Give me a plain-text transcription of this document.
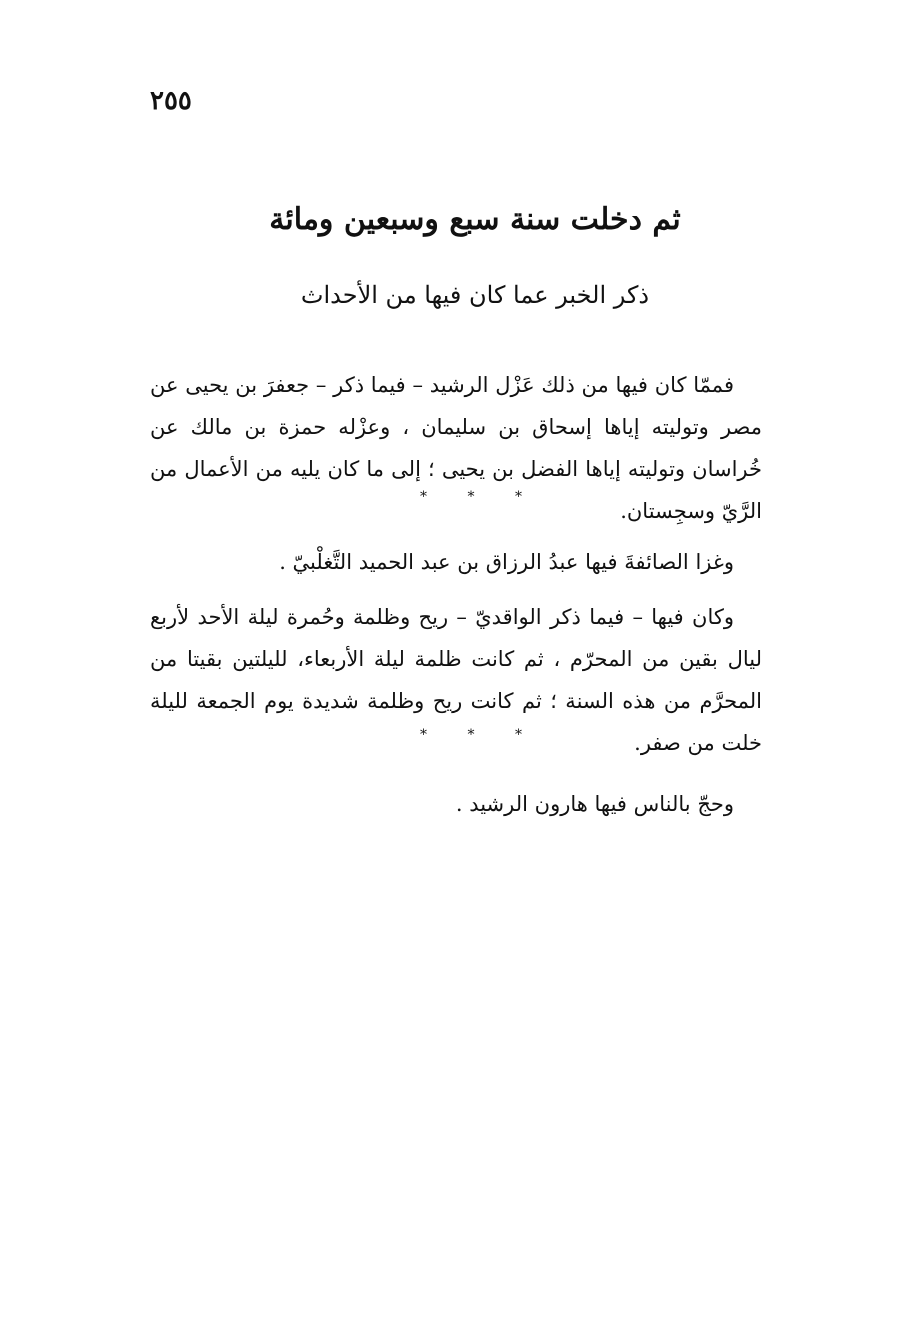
٢٥٥
ثم دخلت سنة سبع وسبعين ومائة
ذكر الخبر عما كان فيها من الأحداث

فممّا كان فيها من ذلك عَزْل الرشيد – فيما ذكر – جعفرَ بن يحيى عن مصر وتوليته إياها إسحاق بن سليمان ، وعزْله حمزة بن مالك عن خُراسان وتوليته إياها الفضل بن يحيى ؛ إلى ما كان يليه من الأعمال من الرَّيّ وسجِستان.

* * *

وغزا الصائفةَ فيها عبدُ الرزاق بن عبد الحميد التَّغلْبيّ .

وكان فيها – فيما ذكر الواقديّ – ريح وظلمة وحُمرة ليلة الأحد لأربع ليال بقين من المحرّم ، ثم كانت ظلمة ليلة الأربعاء، لليلتين بقيتا من المحرَّم من هذه السنة ؛ ثم كانت ريح وظلمة شديدة يوم الجمعة لليلة خلت من صفر.

* * *

وحجّ بالناس فيها هارون الرشيد .
